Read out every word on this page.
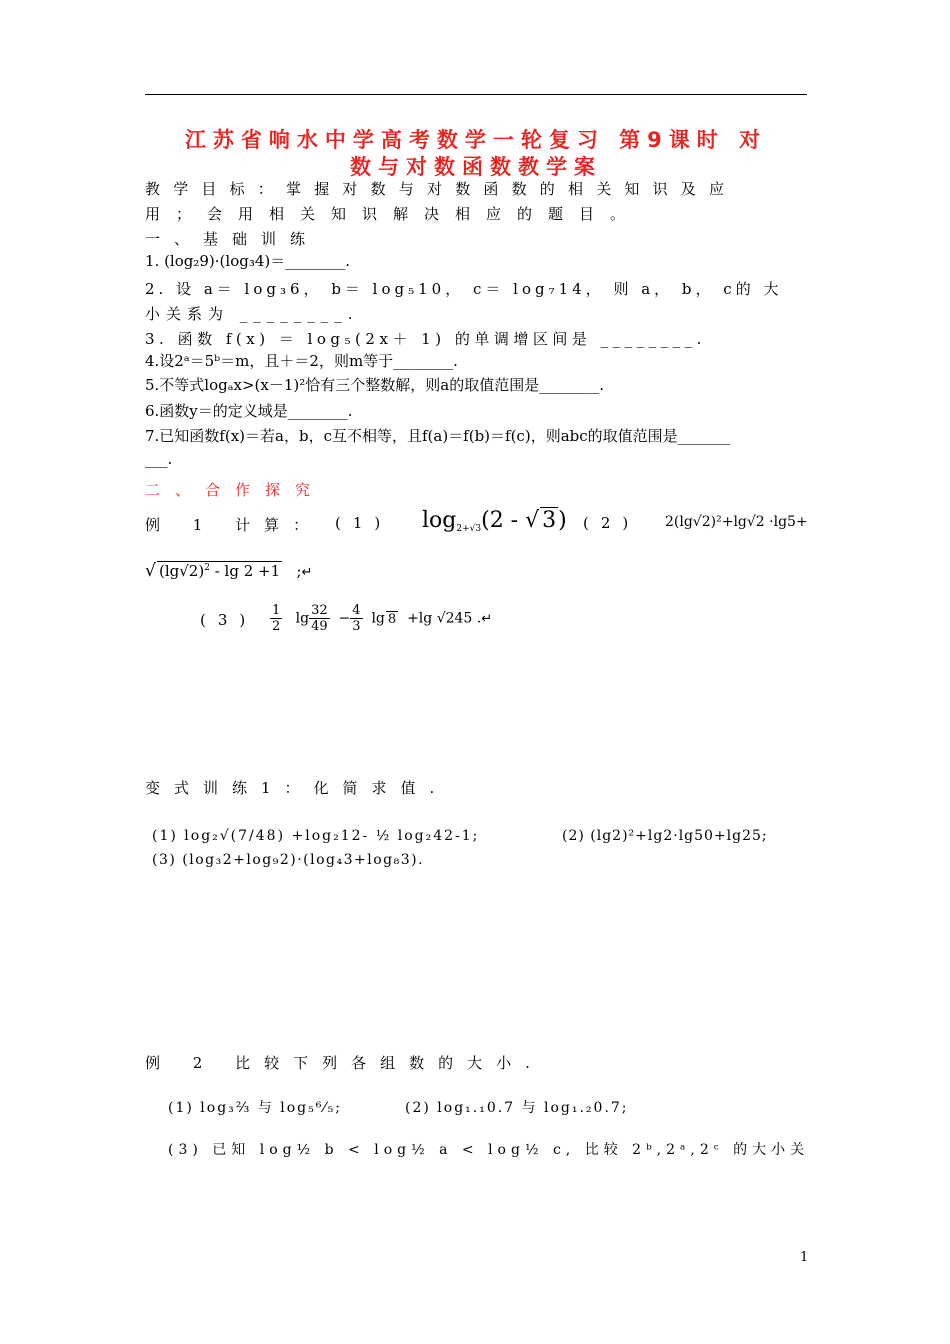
江苏省响水中学高考数学一轮复习 第9课时 对
数与对数函数教学案
教学目标：掌握对数与对数函数的相关知识及应
用；会用相关知识解决相应的题目。
一、基础训练
1. (log₂9)·(log₃4)＝________.
2. 设 a＝ log₃6， b＝ log₅10， c＝ log₇14， 则 a， b， c的 大
小关系为 ________.
3. 函数 f(x) ＝ log₅(2x＋ 1) 的单调增区间是 ________.
4.设2ᵃ＝5ᵇ＝m，且＋＝2，则m等于________.
5.不等式logₐx>(x－1)²恰有三个整数解，则a的取值范围是________.
6.函数y＝的定义域是________.
7.已知函数f(x)＝若a，b，c互不相等，且f(a)＝f(b)＝f(c)，则abc的取值范围是_______
___.
二、合作探究
例 1 计算： (1) $\log_{2+√3}(2$ - √ 3) (2) 2(lg√2)²+lg√2 ·lg5+
√ $(\lg√2)^2 - \lg 2 +1$   ;↵
$(3) \frac{1}{2}$ $\lg \frac{32}{49} - \frac{4}{3}$ lg 8 +lg √245 .↵
变式训练1：化简求值.
(1) log₂√(7/48) +log₂12- ½ log₂42-1;	(2) (lg2)²+lg2·lg50+lg25;
(3) (log₃2+log₉2)·(log₄3+log₈3).
例 2 比较下列各组数的大小.
(1) log₃⅔ 与 log₅⁶⁄₅;	(2) log₁.₁0.7 与 log₁.₂0.7;
(3) 已知 log½ b < log½ a < log½ c, 比较 2ᵇ,2ᵃ,2ᶜ 的大小关
1
